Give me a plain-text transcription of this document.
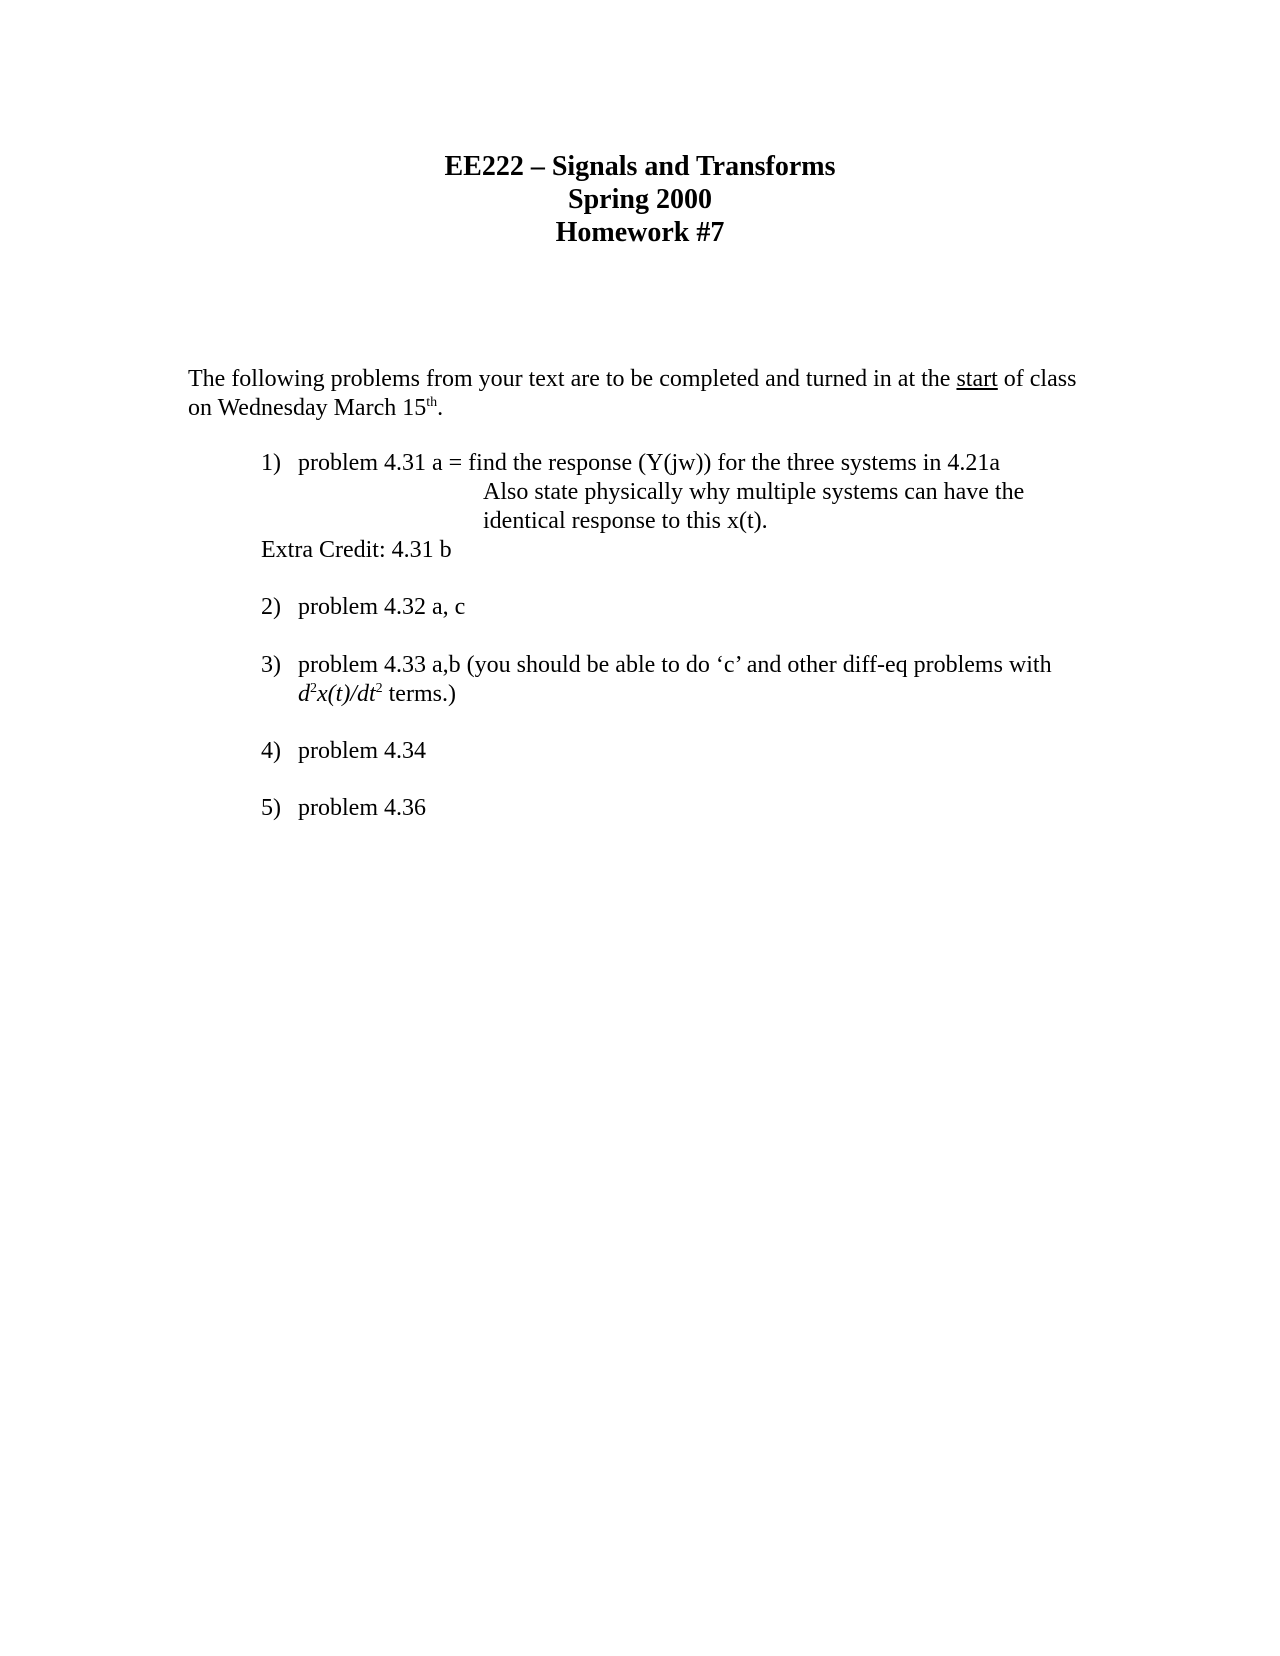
EE222 – Signals and Transforms
Spring 2000
Homework #7
The following problems from your text are to be completed and turned in at the start of class on Wednesday March 15th.
1) problem 4.31 a = find the response (Y(jw)) for the three systems in 4.21a
Also state physically why multiple systems can have the
identical response to this x(t).
Extra Credit: 4.31 b
2) problem 4.32 a, c
3) problem 4.33 a,b (you should be able to do ‘c’ and other diff-eq problems with
$d^2x(t)/dt^2$ terms.)
4) problem 4.34
5) problem 4.36
